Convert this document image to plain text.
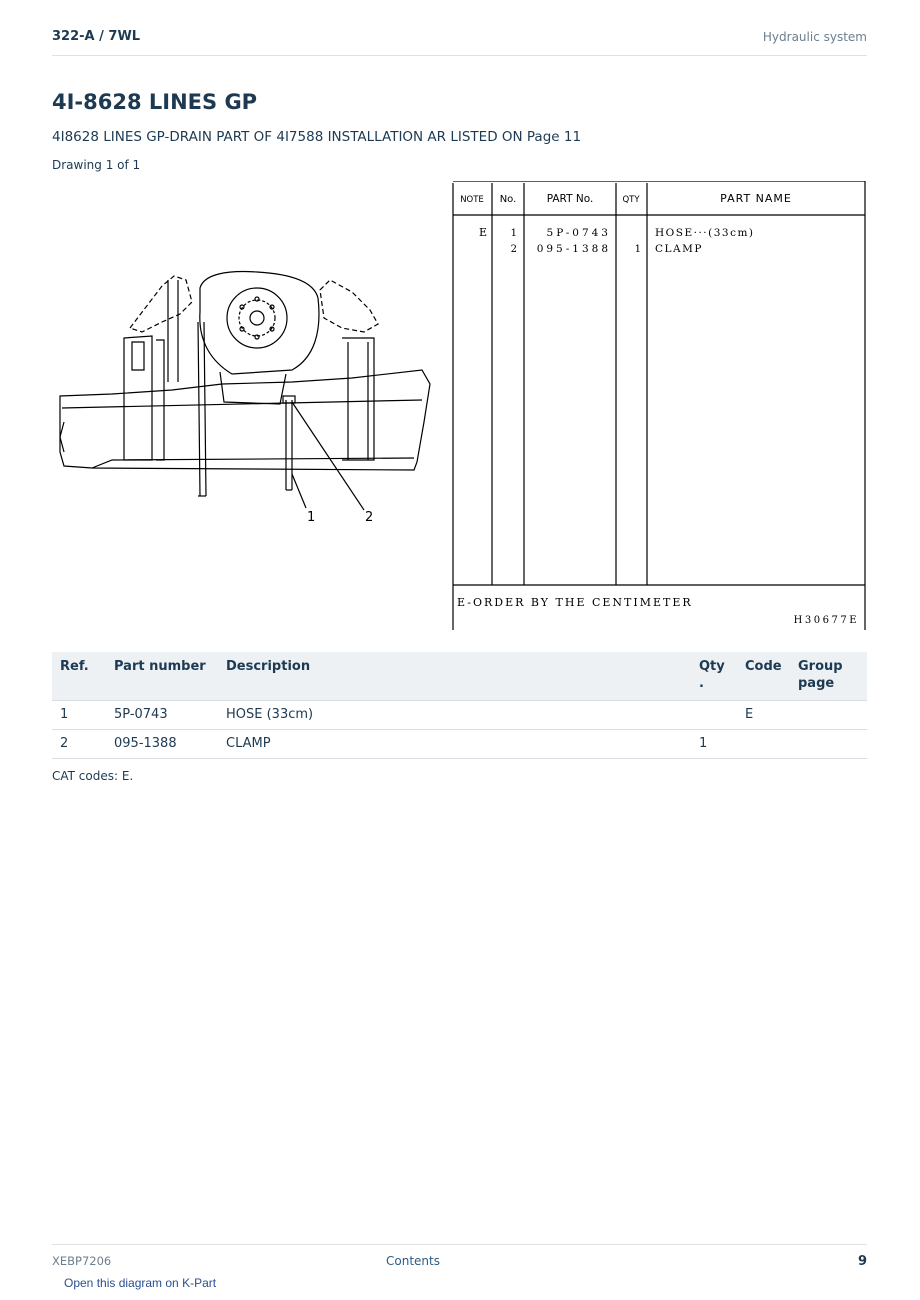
322-A / 7WL	Hydraulic system
4I-8628 LINES GP
4I8628 LINES GP-DRAIN PART OF 4I7588 INSTALLATION AR LISTED ON Page 11
Drawing 1 of 1
1	2
NOTE No.	PART No.	QTY	PART NAME
E 1	5P-0743	HOSE···(33cm)
2 095-1388 1 CLAMP
E-ORDER BY THE CENTIMETER
H30677E
Ref.	Part number	Description	Qty .	Code	Group page
1	5P-0743	HOSE (33cm)		E	
2	095-1388	CLAMP	1		
CAT codes: E.
XEBP7206	Contents	9
Open this diagram on K-Part
